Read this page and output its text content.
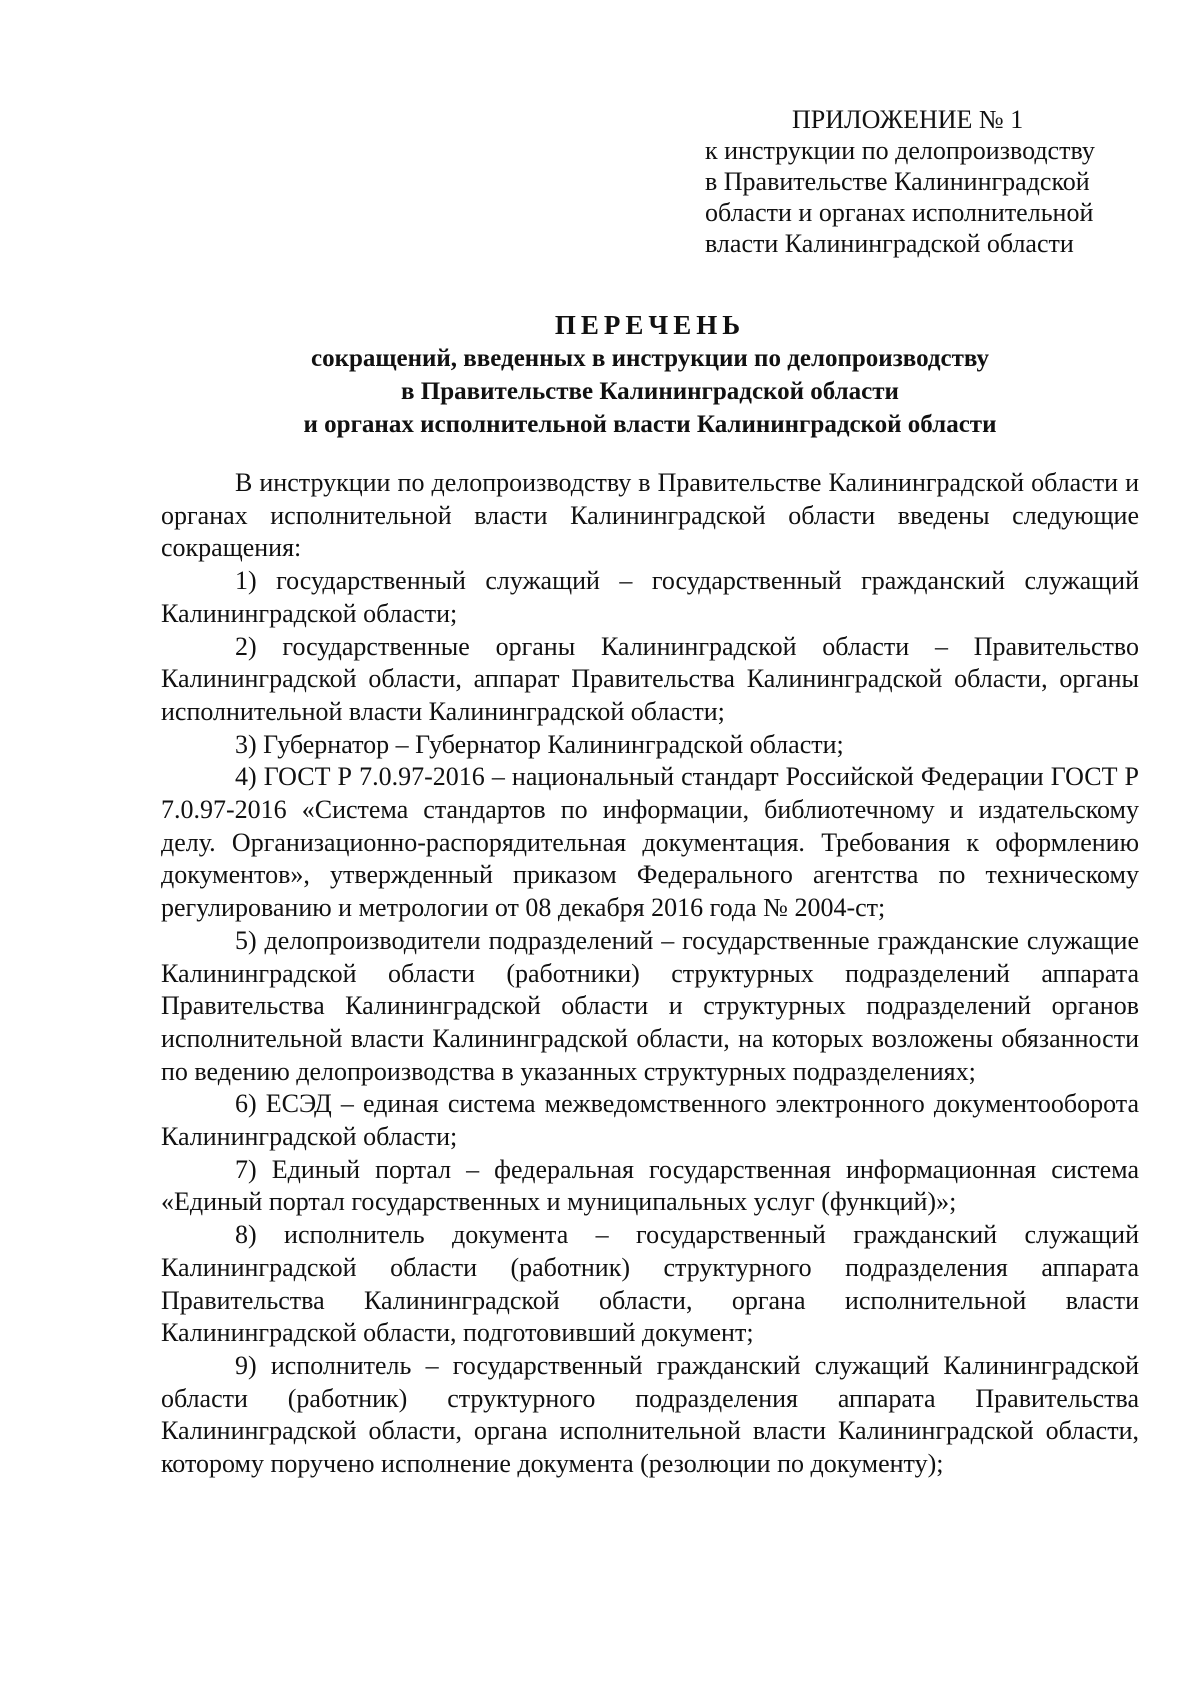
ПРИЛОЖЕНИЕ № 1
к инструкции по делопроизводству
в Правительстве Калининградской
области и органах исполнительной
власти Калининградской области
ПЕРЕЧЕНЬ
сокращений, введенных в инструкции по делопроизводству
в Правительстве Калининградской области
и органах исполнительной власти Калининградской области

В инструкции по делопроизводству в Правительстве Калининградской области и органах исполнительной власти Калининградской области введены следующие сокращения:

1) государственный служащий – государственный гражданский служащий Калининградской области;

2) государственные органы Калининградской области – Правительство Калининградской области, аппарат Правительства Калининградской области, органы исполнительной власти Калининградской области;

3) Губернатор – Губернатор Калининградской области;

4) ГОСТ Р 7.0.97-2016 – национальный стандарт Российской Федерации ГОСТ Р 7.0.97-2016 «Система стандартов по информации, библиотечному и издательскому делу. Организационно-распорядительная документация. Требования к оформлению документов», утвержденный приказом Федерального агентства по техническому регулированию и метрологии от 08 декабря 2016 года № 2004-ст;

5) делопроизводители подразделений – государственные гражданские служащие Калининградской области (работники) структурных подразделений аппарата Правительства Калининградской области и структурных подразделений органов исполнительной власти Калининградской области, на которых возложены обязанности по ведению делопроизводства в указанных структурных подразделениях;

6) ЕСЭД – единая система межведомственного электронного документооборота Калининградской области;

7) Единый портал – федеральная государственная информационная система «Единый портал государственных и муниципальных услуг (функций)»;

8) исполнитель документа – государственный гражданский служащий Калининградской области (работник) структурного подразделения аппарата Правительства Калининградской области, органа исполнительной власти Калининградской области, подготовивший документ;

9) исполнитель – государственный гражданский служащий Калининградской области (работник) структурного подразделения аппарата Правительства Калининградской области, органа исполнительной власти Калининградской области, которому поручено исполнение документа (резолюции по документу);
